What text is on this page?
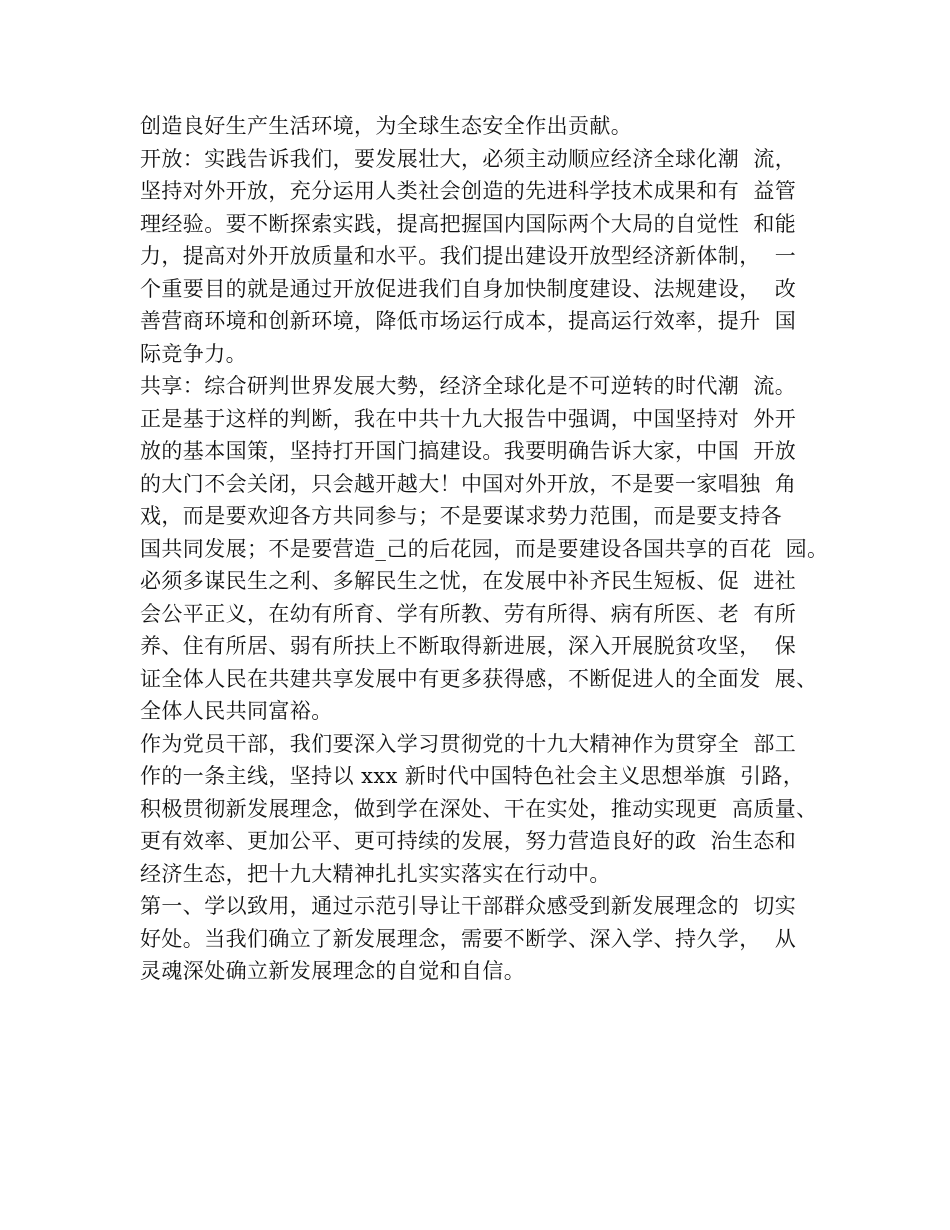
创造良好生产生活环境，为全球生态安全作出贡献。
开放：实践告诉我们，要发展壮大，必须主动顺应经济全球化潮  流，
坚持对外开放，充分运用人类社会创造的先进科学技术成果和有  益管
理经验。要不断探索实践，提高把握国内国际两个大局的自觉性  和能
力，提高对外开放质量和水平。我们提出建设开放型经济新体制，  一
个重要目的就是通过开放促进我们自身加快制度建设、法规建设，  改
善营商环境和创新环境，降低市场运行成本，提高运行效率，提升  国
际竞争力。
共享：综合研判世界发展大勢，经济全球化是不可逆转的时代潮  流。
正是基于这样的判断，我在中共十九大报告中强调，中国坚持对  外开
放的基本国策，坚持打开国门搞建设。我要明确告诉大家，中国  开放
的大门不会关闭，只会越开越大！中国对外开放，不是要一家唱独  角
戏，而是要欢迎各方共同参与；不是要谋求势力范围，而是要支持各
国共同发展；不是要营造_己的后花园，而是要建设各国共享的百花  园。
必须多谋民生之利、多解民生之忧，在发展中补齐民生短板、促  进社
会公平正义，在幼有所育、学有所教、劳有所得、病有所医、老  有所
养、住有所居、弱有所扶上不断取得新进展，深入开展脱贫攻坚，  保
证全体人民在共建共享发展中有更多获得感，不断促进人的全面发  展、
全体人民共同富裕。
作为党员干部，我们要深入学习贯彻党的十九大精神作为贯穿全  部工
作的一条主线，坚持以 xxx 新时代中国特色社会主义思想举旗  引路，
积极贯彻新发展理念，做到学在深处、干在实处，推动实现更  高质量、
更有效率、更加公平、更可持续的发展，努力营造良好的政  治生态和
经济生态，把十九大精神扎扎实实落实在行动中。
第一、学以致用，通过示范引导让干部群众感受到新发展理念的  切实
好处。当我们确立了新发展理念，需要不断学、深入学、持久学，  从
灵魂深处确立新发展理念的自觉和自信。
